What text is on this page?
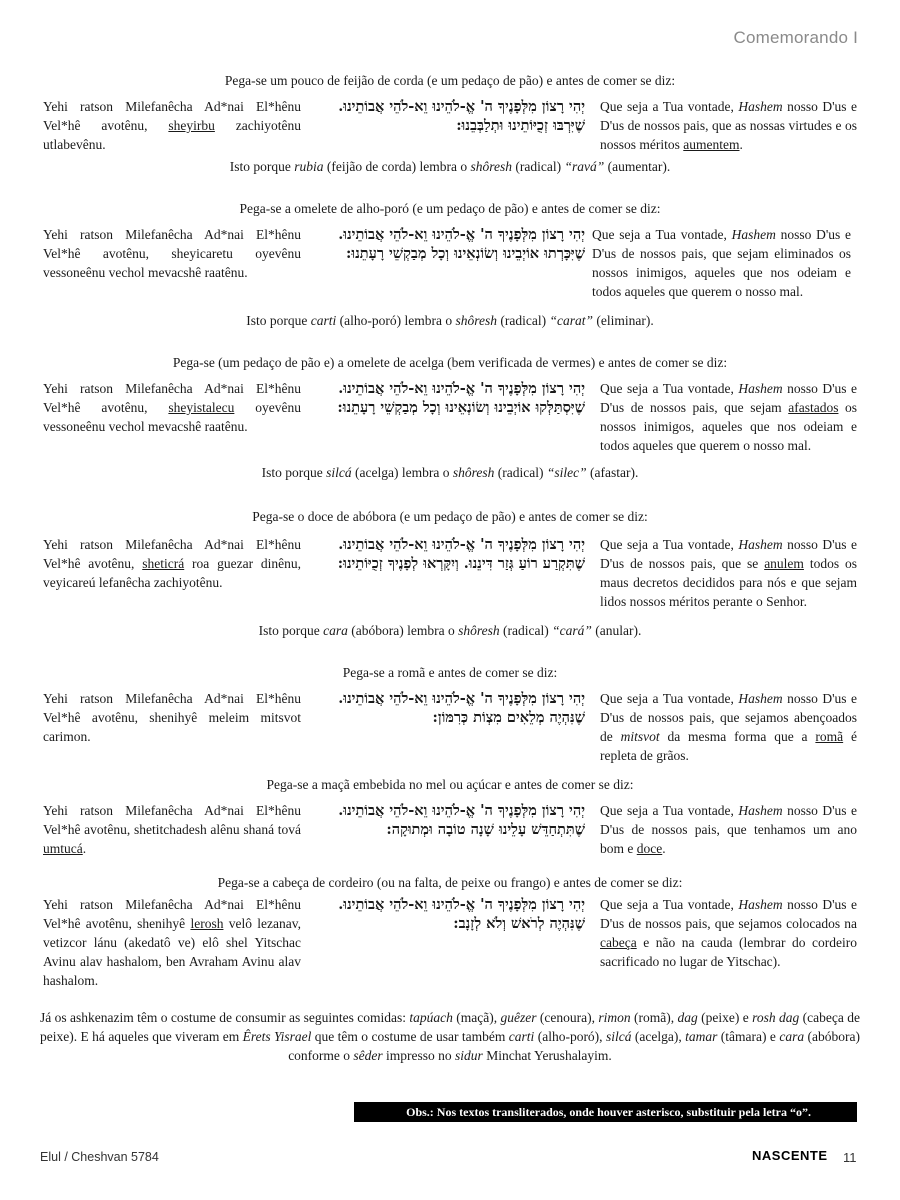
Comemorando I
Pega-se um pouco de feijão de corda (e um pedaço de pão) e antes de comer se diz:
Yehi ratson Milefanêcha Ad*nai El*hênu Vel*hê avotênu, sheyirbu zachiyotênu utlabevênu.
יְהִי רָצוֹן מִלְּפָנֶיךָ ה' אֱ-לֹהֵינוּ וֵא-לֹהֵי אֲבוֹתֵינוּ. שֶׁיִּרְבּוּ זְכֻיּוֹתֵינוּ וּתְלַבְּבֵנוּ:
Que seja a Tua vontade, Hashem nosso D'us e D'us de nossos pais, que as nossas virtudes e os nossos méritos aumentem.
Isto porque rubia (feijão de corda) lembra o shôresh (radical) “ravá” (aumentar).
Pega-se a omelete de alho-poró (e um pedaço de pão) e antes de comer se diz:
Yehi ratson Milefanêcha Ad*nai El*hênu Vel*hê avotênu, sheyicaretu oyevênu vessoneênu vechol mevacshê raatênu.
יְהִי רָצוֹן מִלְּפָנֶיךָ ה' אֱ-לֹהֵינוּ וֵא-לֹהֵי אֲבוֹתֵינוּ. שֶׁיִּכָּרְתוּ אוֹיְבֵינוּ וְשׂוֹנְאֵינוּ וְכָל מְבַקְשֵׁי רָעָתֵנוּ:
Que seja a Tua vontade, Hashem nosso D'us e D'us de nossos pais, que sejam eliminados os nossos inimigos, aqueles que nos odeiam e todos aqueles que querem o nosso mal.
Isto porque carti (alho-poró) lembra o shôresh (radical) “carat” (eliminar).
Pega-se (um pedaço de pão e) a omelete de acelga (bem verificada de vermes) e antes de comer se diz:
Yehi ratson Milefanêcha Ad*nai El*hênu Vel*hê avotênu, sheyistalecu oyevênu vessoneênu vechol mevacshê raatênu.
יְהִי רָצוֹן מִלְּפָנֶיךָ ה' אֱ-לֹהֵינוּ וֵא-לֹהֵי אֲבוֹתֵינוּ. שֶׁיִּסְתַּלְּקוּ אוֹיְבֵינוּ וְשׂוֹנְאֵינוּ וְכָל מְבַקְשֵׁי רָעָתֵנוּ:
Que seja a Tua vontade, Hashem nosso D'us e D'us de nossos pais, que sejam afastados os nossos inimigos, aqueles que nos odeiam e todos aqueles que querem o nosso mal.
Isto porque silcá (acelga) lembra o shôresh (radical) “silec” (afastar).
Pega-se o doce de abóbora (e um pedaço de pão) e antes de comer se diz:
Yehi ratson Milefanêcha Ad*nai El*hênu Vel*hê avotênu, sheticrá roa guezar dinênu, veyicareú lefanêcha zachiyotênu.
יְהִי רָצוֹן מִלְּפָנֶיךָ ה' אֱ-לֹהֵינוּ וֵא-לֹהֵי אֲבוֹתֵינוּ. שֶׁתִּקְרַע רוֹעַ גְּזַר דִּינֵנוּ. וְיִקָּרְאוּ לְפָנֶיךָ זְכֻיּוֹתֵינוּ:
Que seja a Tua vontade, Hashem nosso D'us e D'us de nossos pais, que se anulem todos os maus decretos decididos para nós e que sejam lidos nossos méritos perante o Senhor.
Isto porque cara (abóbora) lembra o shôresh (radical) “cará” (anular).
Pega-se a romã e antes de comer se diz:
Yehi ratson Milefanêcha Ad*nai El*hênu Vel*hê avotênu, shenihyê meleim mitsvot carimon.
יְהִי רָצוֹן מִלְּפָנֶיךָ ה' אֱ-לֹהֵינוּ וֵא-לֹהֵי אֲבוֹתֵינוּ. שֶׁנִּהְיֶה מְלֵאִים מִצְוֹת כְּרִמּוֹן:
Que seja a Tua vontade, Hashem nosso D'us e D'us de nossos pais, que sejamos abençoados de mitsvot da mesma forma que a romã é repleta de grãos.
Pega-se a maçã embebida no mel ou açúcar e antes de comer se diz:
Yehi ratson Milefanêcha Ad*nai El*hênu Vel*hê avotênu, shetitchadesh alênu shaná tová umtucá.
יְהִי רָצוֹן מִלְּפָנֶיךָ ה' אֱ-לֹהֵינוּ וֵא-לֹהֵי אֲבוֹתֵינוּ. שֶׁתִּתְחַדֵּשׁ עָלֵינוּ שָׁנָה טוֹבָה וּמְתוּקָה:
Que seja a Tua vontade, Hashem nosso D'us e D'us de nossos pais, que tenhamos um ano bom e doce.
Pega-se a cabeça de cordeiro (ou na falta, de peixe ou frango) e antes de comer se diz:
Yehi ratson Milefanêcha Ad*nai El*hênu Vel*hê avotênu, shenihyê lerosh velô lezanav, vetizcor lánu (akedatô ve) elô shel Yitschac Avinu alav hashalom, ben Avraham Avinu alav hashalom.
יְהִי רָצוֹן מִלְּפָנֶיךָ ה' אֱ-לֹהֵינוּ וֵא-לֹהֵי אֲבוֹתֵינוּ. שֶׁנִּהְיֶה לְרֹאשׁ וְלֹא לְזָנָב:
Que seja a Tua vontade, Hashem nosso D'us e D'us de nossos pais, que sejamos colocados na cabeça e não na cauda (lembrar do cordeiro sacrificado no lugar de Yitschac).
Já os ashkenazim têm o costume de consumir as seguintes comidas: tapúach (maçã), guêzer (cenoura), rimon (romã), dag (peixe) e rosh dag (cabeça de peixe). E há aqueles que viveram em Êrets Yisrael que têm o costume de usar também carti (alho-poró), silcá (acelga), tamar (tâmara) e cara (abóbora) conforme o sêder impresso no sidur Minchat Yerushalayim.
Obs.: Nos textos transliterados, onde houver asterisco, substituir pela letra “o”.
Elul / Cheshvan 5784	NASCENTE 11
